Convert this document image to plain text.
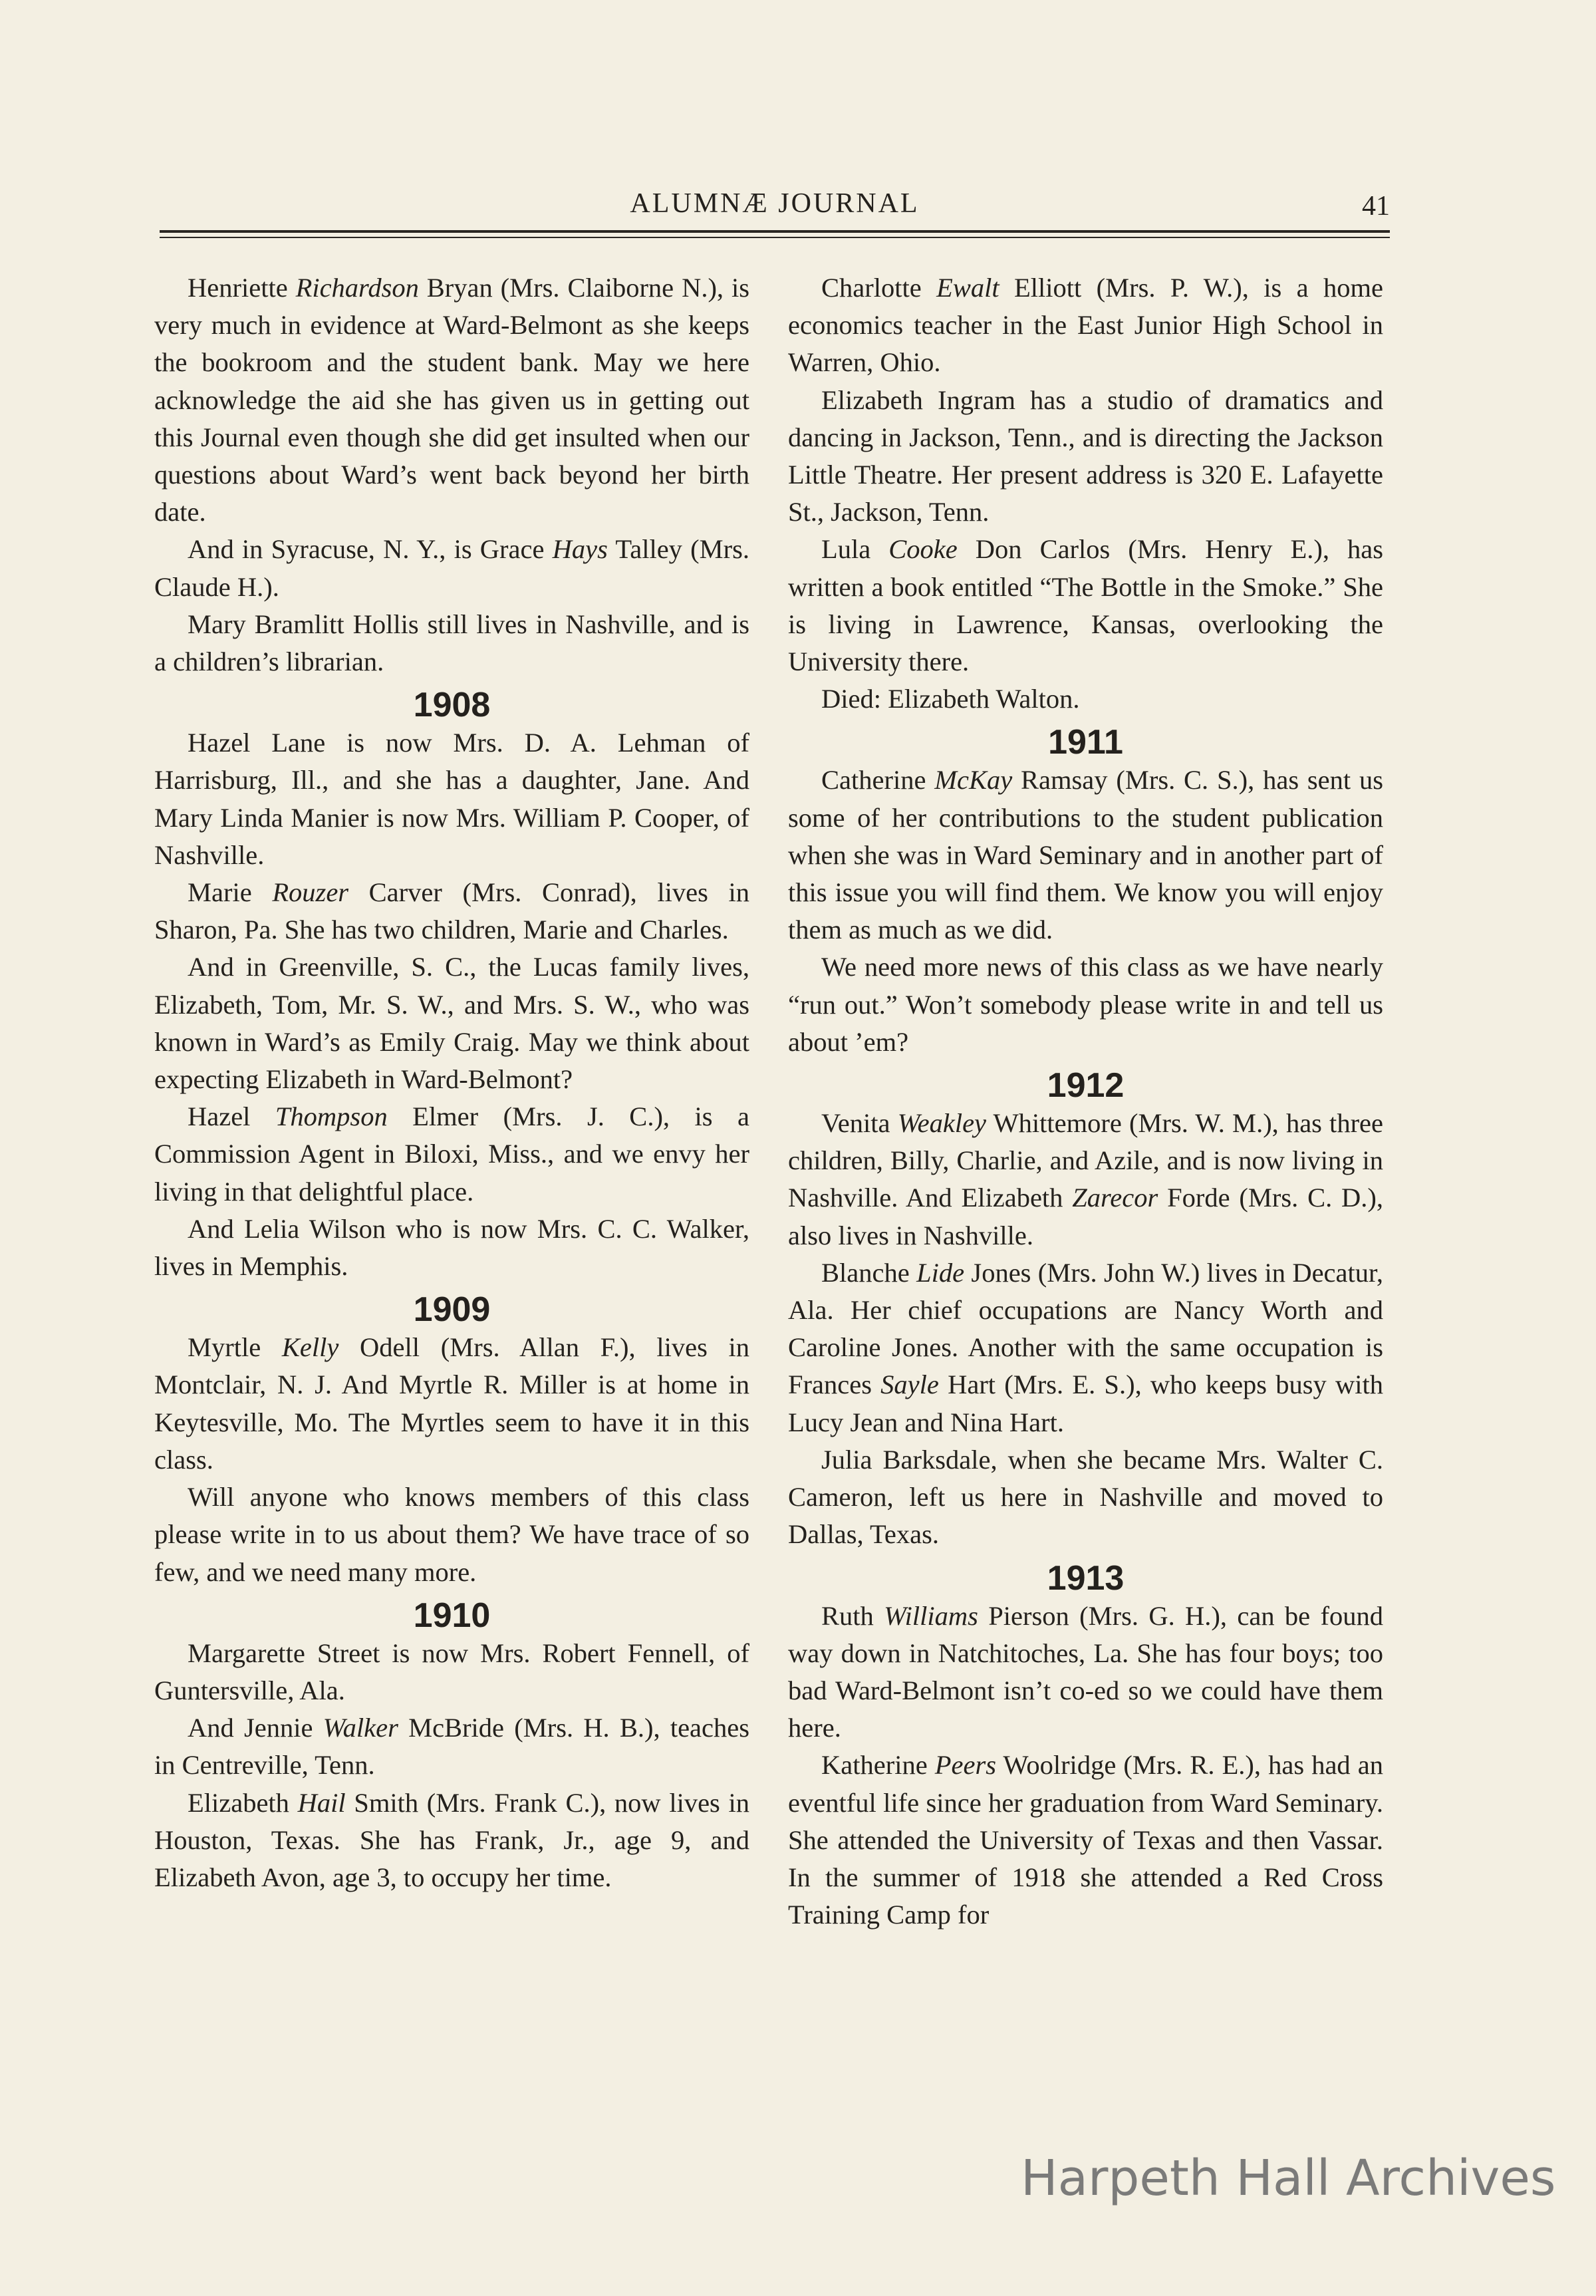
ALUMNÆ JOURNAL	41

Henriette Richardson Bryan (Mrs. Claiborne N.), is very much in evidence at Ward-Belmont as she keeps the bookroom and the student bank. May we here acknowledge the aid she has given us in getting out this Journal even though she did get insulted when our questions about Ward’s went back beyond her birth date.

And in Syracuse, N. Y., is Grace Hays Talley (Mrs. Claude H.).

Mary Bramlitt Hollis still lives in Nashville, and is a children’s librarian.

1908

Hazel Lane is now Mrs. D. A. Lehman of Harrisburg, Ill., and she has a daughter, Jane. And Mary Linda Manier is now Mrs. William P. Cooper, of Nashville.

Marie Rouzer Carver (Mrs. Conrad), lives in Sharon, Pa. She has two children, Marie and Charles.

And in Greenville, S. C., the Lucas family lives, Elizabeth, Tom, Mr. S. W., and Mrs. S. W., who was known in Ward’s as Emily Craig. May we think about expecting Elizabeth in Ward-Belmont?

Hazel Thompson Elmer (Mrs. J. C.), is a Commission Agent in Biloxi, Miss., and we envy her living in that delightful place.

And Lelia Wilson who is now Mrs. C. C. Walker, lives in Memphis.

1909

Myrtle Kelly Odell (Mrs. Allan F.), lives in Montclair, N. J. And Myrtle R. Miller is at home in Keytesville, Mo. The Myrtles seem to have it in this class.

Will anyone who knows members of this class please write in to us about them? We have trace of so few, and we need many more.

1910

Margarette Street is now Mrs. Robert Fennell, of Guntersville, Ala.

And Jennie Walker McBride (Mrs. H. B.), teaches in Centreville, Tenn.

Elizabeth Hail Smith (Mrs. Frank C.), now lives in Houston, Texas. She has Frank, Jr., age 9, and Elizabeth Avon, age 3, to occupy her time.

Charlotte Ewalt Elliott (Mrs. P. W.), is a home economics teacher in the East Junior High School in Warren, Ohio.

Elizabeth Ingram has a studio of dramatics and dancing in Jackson, Tenn., and is directing the Jackson Little Theatre. Her present address is 320 E. Lafayette St., Jackson, Tenn.

Lula Cooke Don Carlos (Mrs. Henry E.), has written a book entitled “The Bottle in the Smoke.” She is living in Lawrence, Kansas, overlooking the University there.

Died: Elizabeth Walton.

1911

Catherine McKay Ramsay (Mrs. C. S.), has sent us some of her contributions to the student publication when she was in Ward Seminary and in another part of this issue you will find them. We know you will enjoy them as much as we did.

We need more news of this class as we have nearly “run out.” Won’t somebody please write in and tell us about ’em?

1912

Venita Weakley Whittemore (Mrs. W. M.), has three children, Billy, Charlie, and Azile, and is now living in Nashville. And Elizabeth Zarecor Forde (Mrs. C. D.), also lives in Nashville.

Blanche Lide Jones (Mrs. John W.) lives in Decatur, Ala. Her chief occupations are Nancy Worth and Caroline Jones. Another with the same occupation is Frances Sayle Hart (Mrs. E. S.), who keeps busy with Lucy Jean and Nina Hart.

Julia Barksdale, when she became Mrs. Walter C. Cameron, left us here in Nashville and moved to Dallas, Texas.

1913

Ruth Williams Pierson (Mrs. G. H.), can be found way down in Natchitoches, La. She has four boys; too bad Ward-Belmont isn’t co-ed so we could have them here.

Katherine Peers Woolridge (Mrs. R. E.), has had an eventful life since her graduation from Ward Seminary. She attended the University of Texas and then Vassar. In the summer of 1918 she attended a Red Cross Training Camp for

Harpeth Hall Archives
